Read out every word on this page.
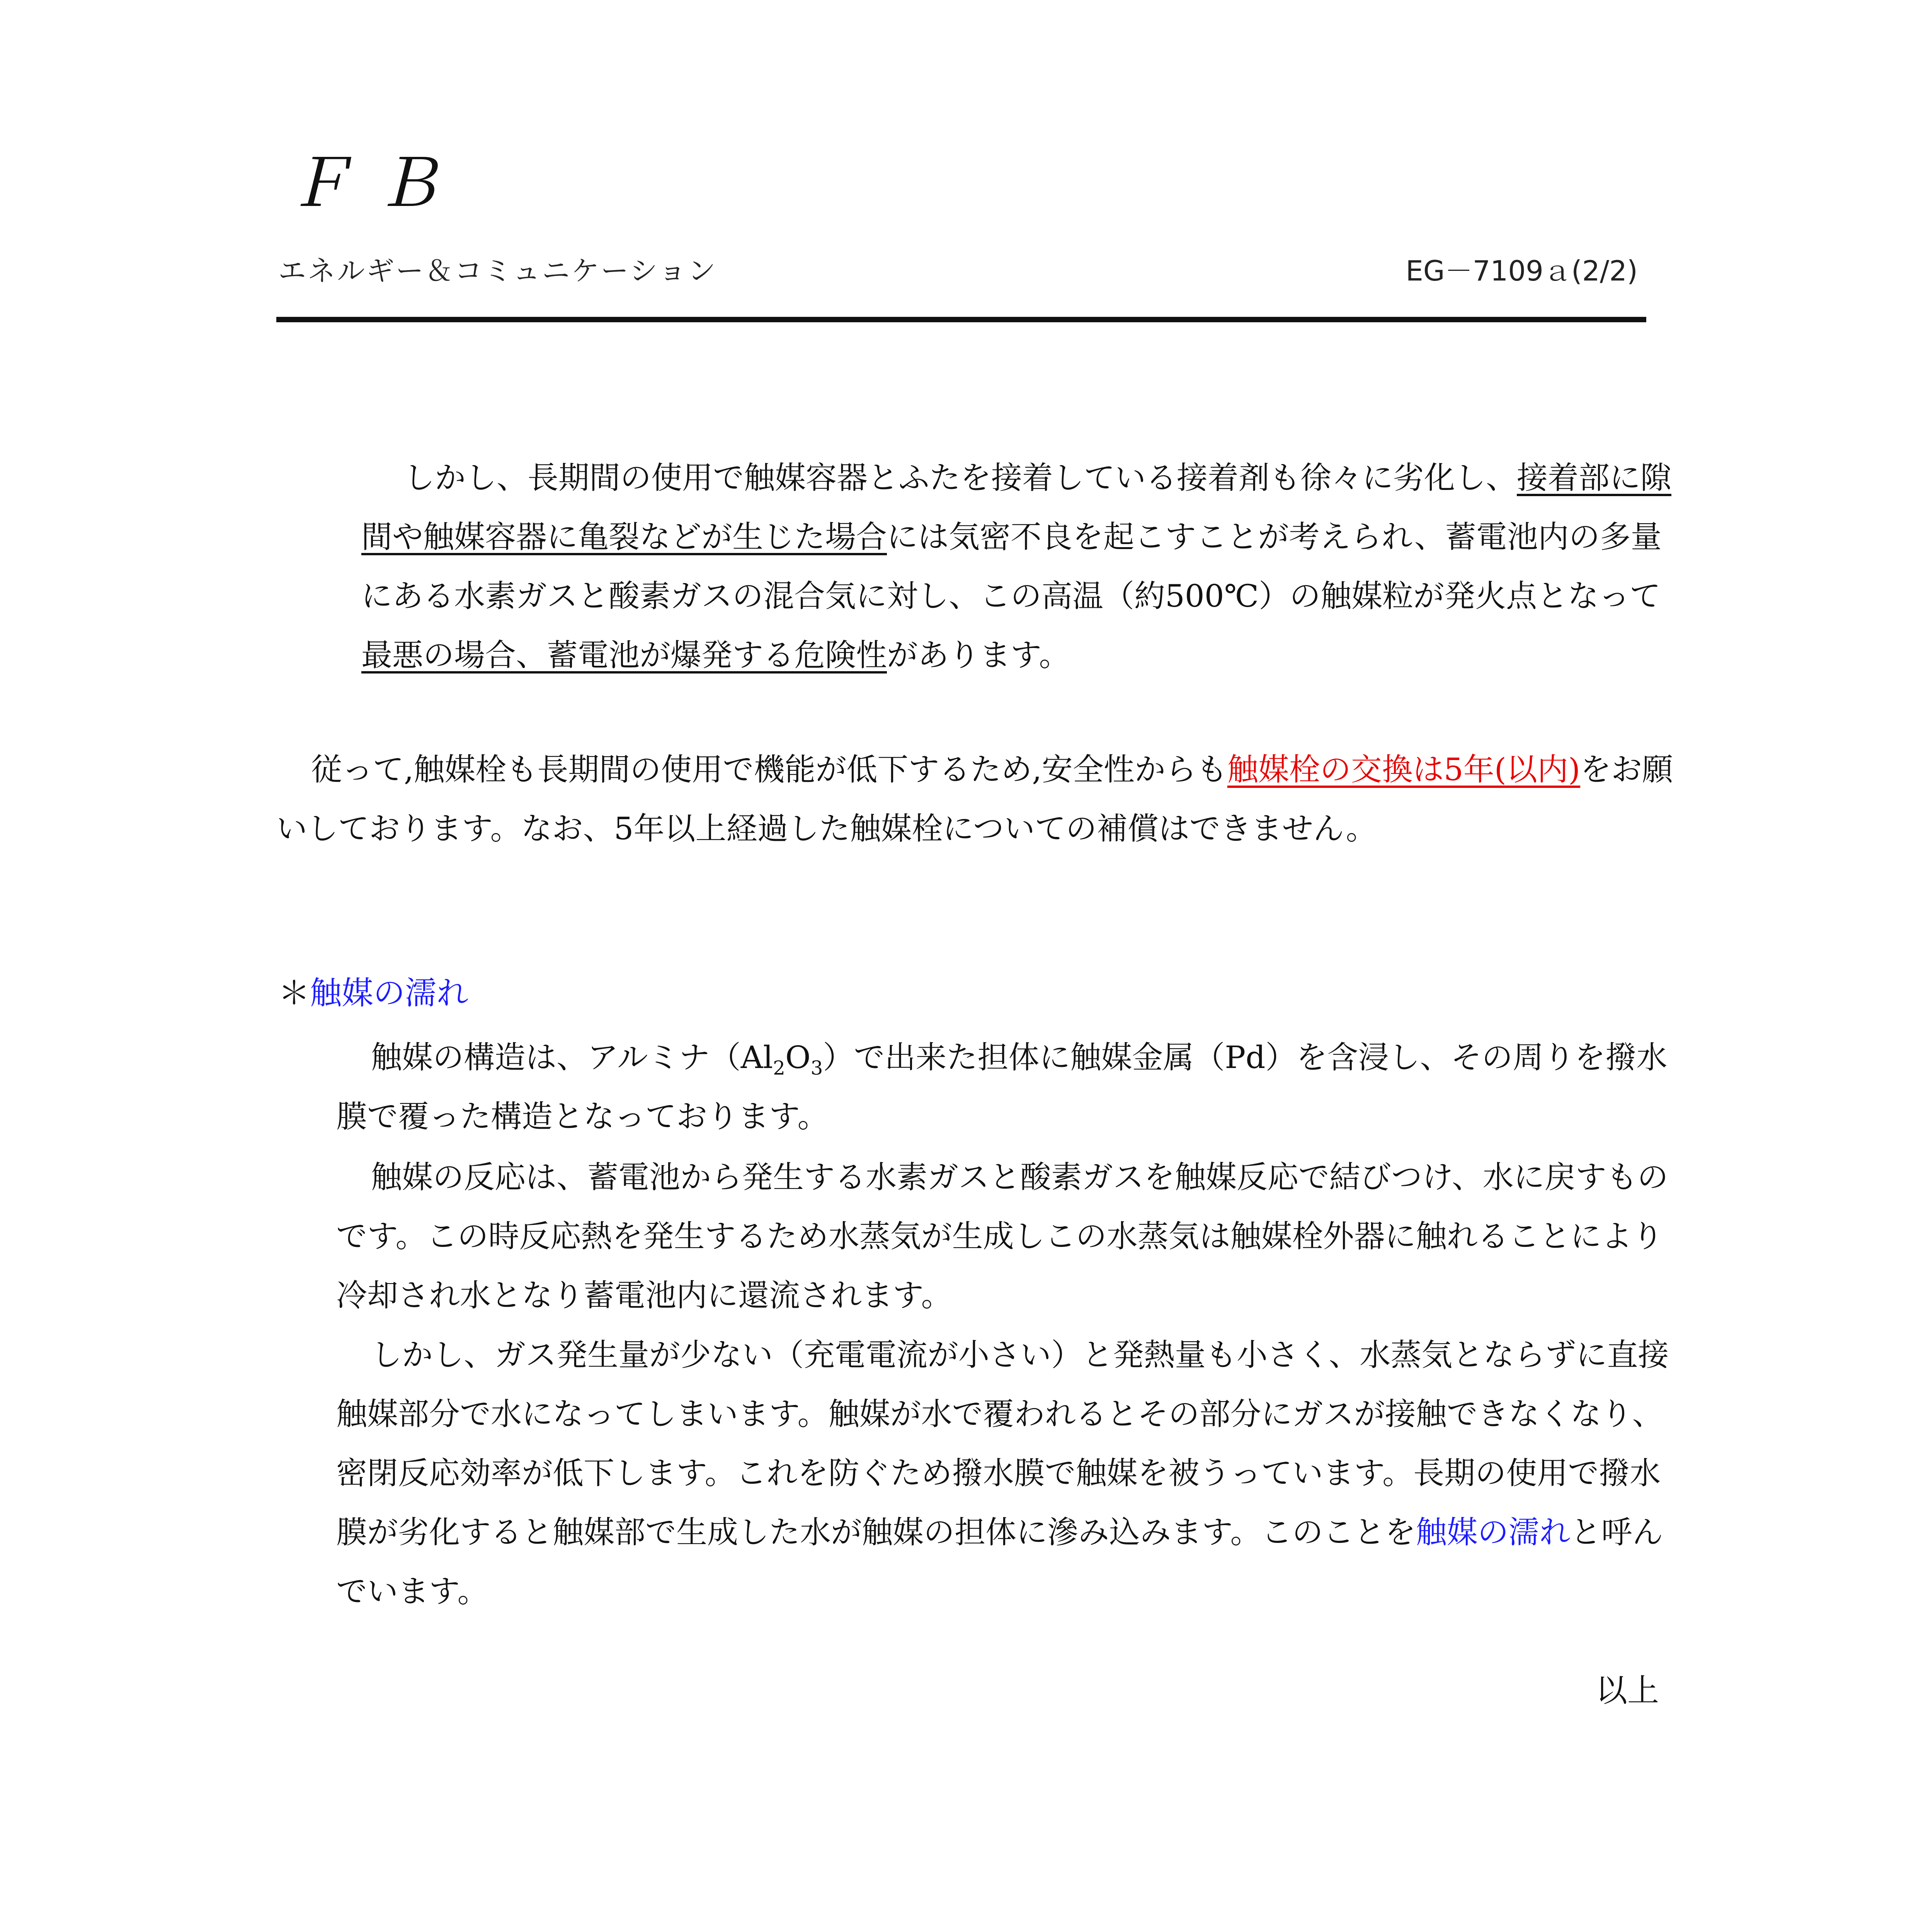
ＦＢ
エネルギー＆コミュニケーション	EG－7109ａ(2/2)

しかし、長期間の使用で触媒容器とふたを接着している接着剤も徐々に劣化し、接着部に隙間や触媒容器に亀裂などが生じた場合には気密不良を起こすことが考えられ、蓄電池内の多量にある水素ガスと酸素ガスの混合気に対し、この高温（約500℃）の触媒粒が発火点となって最悪の場合、蓄電池が爆発する危険性があります。

従って,触媒栓も長期間の使用で機能が低下するため,安全性からも触媒栓の交換は5年(以内)をお願いしております。なお、5年以上経過した触媒栓についての補償はできません。

＊触媒の濡れ

触媒の構造は、アルミナ$(Al_2O_3)$で出来た担体に触媒金属（Pd）を含浸し、その周りを撥水膜で覆った構造となっております。

触媒の反応は、蓄電池から発生する水素ガスと酸素ガスを触媒反応で結びつけ、水に戻すものです。この時反応熱を発生するため水蒸気が生成しこの水蒸気は触媒栓外器に触れることにより冷却され水となり蓄電池内に還流されます。

しかし、ガス発生量が少ない（充電電流が小さい）と発熱量も小さく、水蒸気とならずに直接触媒部分で水になってしまいます。触媒が水で覆われるとその部分にガスが接触できなくなり、密閉反応効率が低下します。これを防ぐため撥水膜で触媒を被うっています。長期の使用で撥水膜が劣化すると触媒部で生成した水が触媒の担体に滲み込みます。このことを触媒の濡れと呼んでいます。

以上
